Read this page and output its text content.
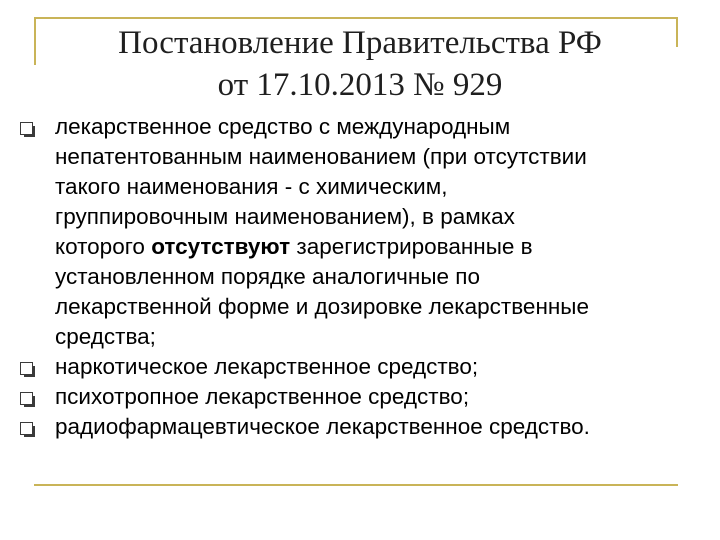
Постановление Правительства РФ
от 17.10.2013 № 929
лекарственное средство с международным
непатентованным наименованием (при отсутствии
такого наименования - с химическим,
группировочным наименованием), в рамках
которого отсутствуют зарегистрированные в
установленном порядке аналогичные по
лекарственной форме и дозировке лекарственные
средства;
наркотическое лекарственное средство;
психотропное лекарственное средство;
радиофармацевтическое лекарственное средство.
